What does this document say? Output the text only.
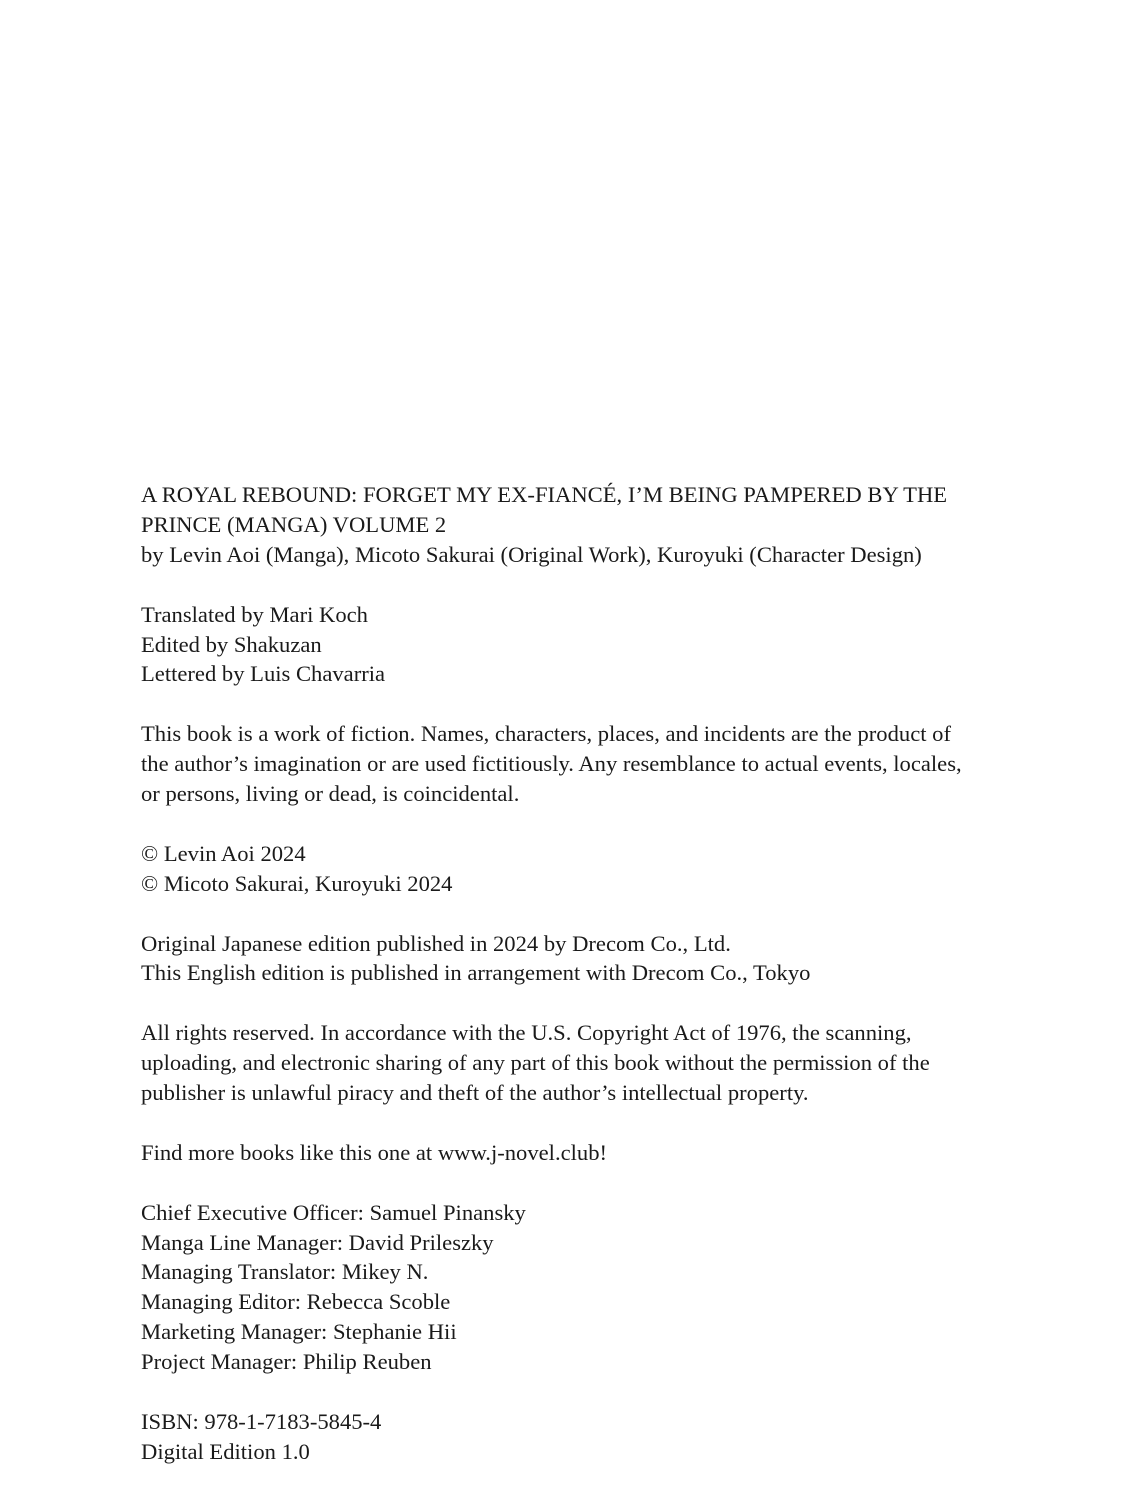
A ROYAL REBOUND: FORGET MY EX-FIANCÉ, I’M BEING PAMPERED BY THE
PRINCE (MANGA) VOLUME 2
by Levin Aoi (Manga), Micoto Sakurai (Original Work), Kuroyuki (Character Design)
Translated by Mari Koch
Edited by Shakuzan
Lettered by Luis Chavarria
This book is a work of fiction. Names, characters, places, and incidents are the product of
the author’s imagination or are used fictitiously. Any resemblance to actual events, locales,
or persons, living or dead, is coincidental.
© Levin Aoi 2024
© Micoto Sakurai, Kuroyuki 2024
Original Japanese edition published in 2024 by Drecom Co., Ltd.
This English edition is published in arrangement with Drecom Co., Tokyo
All rights reserved. In accordance with the U.S. Copyright Act of 1976, the scanning,
uploading, and electronic sharing of any part of this book without the permission of the
publisher is unlawful piracy and theft of the author’s intellectual property.
Find more books like this one at www.j-novel.club!
Chief Executive Officer: Samuel Pinansky
Manga Line Manager: David Prileszky
Managing Translator: Mikey N.
Managing Editor: Rebecca Scoble
Marketing Manager: Stephanie Hii
Project Manager: Philip Reuben
ISBN: 978-1-7183-5845-4
Digital Edition 1.0
